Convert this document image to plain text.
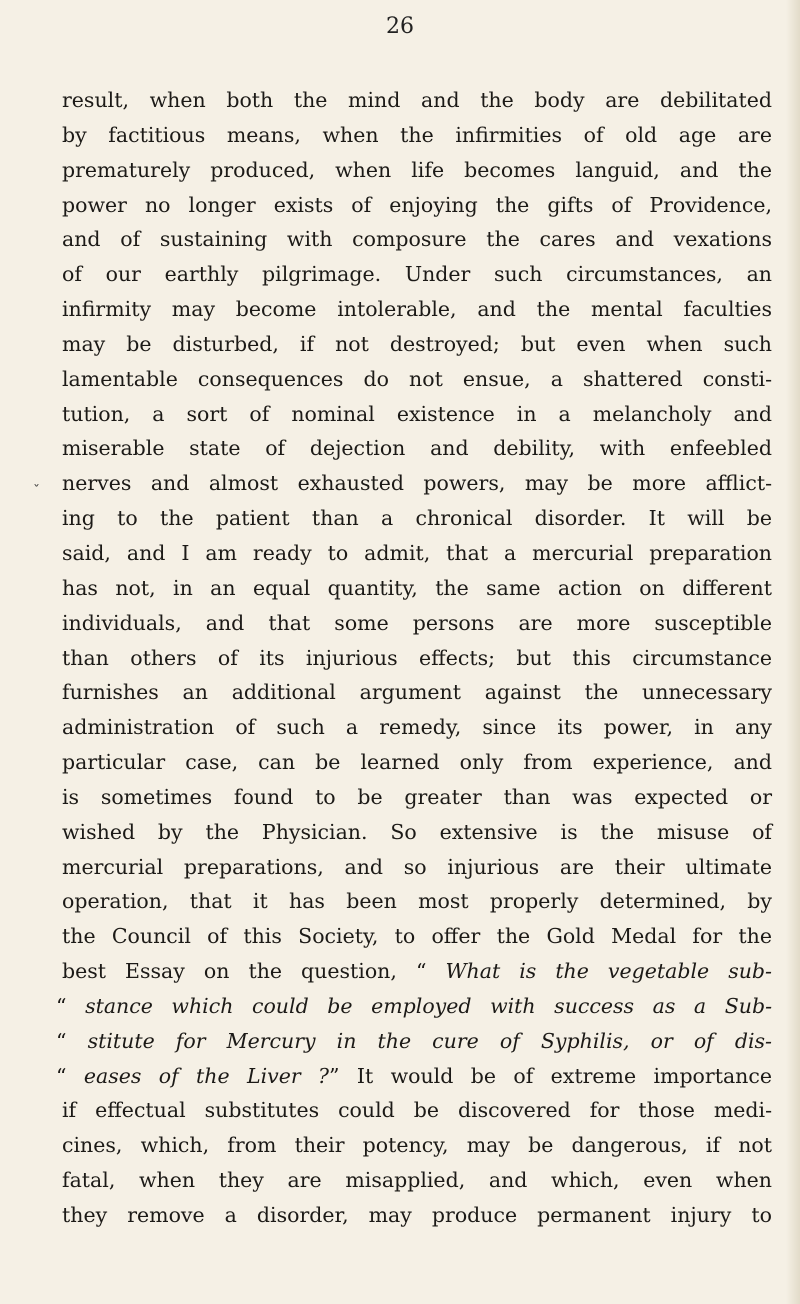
26
ˇ
result, when both the mind and the body are debilitated
by factitious means, when the infirmities of old age are
prematurely produced, when life becomes languid, and the
power no longer exists of enjoying the gifts of Providence,
and of sustaining with composure the cares and vexations
of our earthly pilgrimage. Under such circumstances, an
infirmity may become intolerable, and the mental faculties
may be disturbed, if not destroyed; but even when such
lamentable consequences do not ensue, a shattered consti-
tution, a sort of nominal existence in a melancholy and
miserable state of dejection and debility, with enfeebled
nerves and almost exhausted powers, may be more afflict-
ing to the patient than a chronical disorder. It will be
said, and I am ready to admit, that a mercurial preparation
has not, in an equal quantity, the same action on different
individuals, and that some persons are more susceptible
than others of its injurious effects; but this circumstance
furnishes an additional argument against the unnecessary
administration of such a remedy, since its power, in any
particular case, can be learned only from experience, and
is sometimes found to be greater than was expected or
wished by the Physician. So extensive is the misuse of
mercurial preparations, and so injurious are their ultimate
operation, that it has been most properly determined, by
the Council of this Society, to offer the Gold Medal for the
best Essay on the question, “ What is the vegetable sub-
“ stance which could be employed with success as a Sub-
“ stitute for Mercury in the cure of Syphilis, or of dis-
“ eases of the Liver ?” It would be of extreme importance
if effectual substitutes could be discovered for those medi-
cines, which, from their potency, may be dangerous, if not
fatal, when they are misapplied, and which, even when
they remove a disorder, may produce permanent injury to
